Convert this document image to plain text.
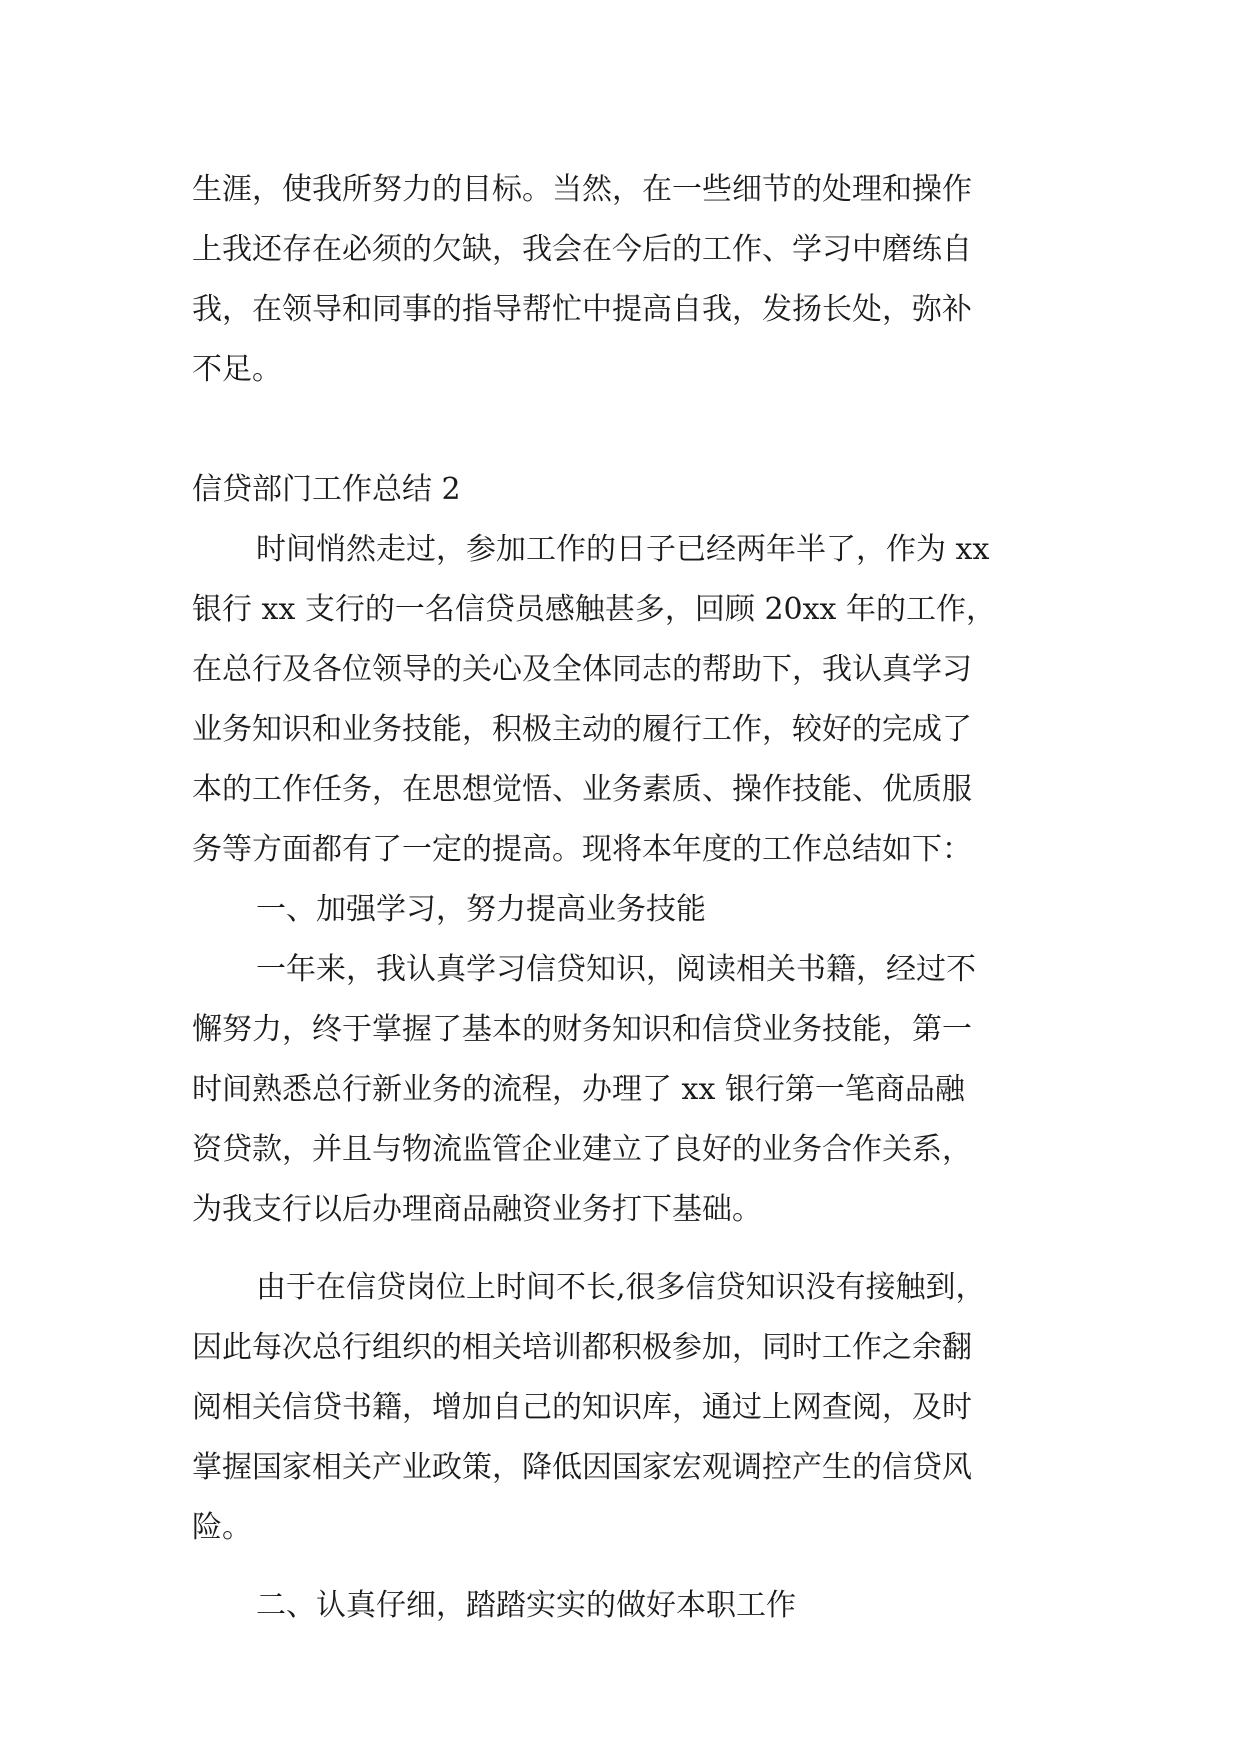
生涯，使我所努力的目标。当然，在一些细节的处理和操作
上我还存在必须的欠缺，我会在今后的工作、学习中磨练自
我，在领导和同事的指导帮忙中提高自我，发扬长处，弥补
不足。
信贷部门工作总结 2
时间悄然走过，参加工作的日子已经两年半了，作为 xx
银行 xx 支行的一名信贷员感触甚多，回顾 20xx 年的工作，
在总行及各位领导的关心及全体同志的帮助下，我认真学习
业务知识和业务技能，积极主动的履行工作，较好的完成了
本的工作任务，在思想觉悟、业务素质、操作技能、优质服
务等方面都有了一定的提高。现将本年度的工作总结如下：
一、加强学习，努力提高业务技能
一年来，我认真学习信贷知识，阅读相关书籍，经过不
懈努力，终于掌握了基本的财务知识和信贷业务技能，第一
时间熟悉总行新业务的流程，办理了 xx 银行第一笔商品融
资贷款，并且与物流监管企业建立了良好的业务合作关系，
为我支行以后办理商品融资业务打下基础。
由于在信贷岗位上时间不长,很多信贷知识没有接触到，
因此每次总行组织的相关培训都积极参加，同时工作之余翻
阅相关信贷书籍，增加自己的知识库，通过上网查阅，及时
掌握国家相关产业政策，降低因国家宏观调控产生的信贷风
险。
二、认真仔细，踏踏实实的做好本职工作
